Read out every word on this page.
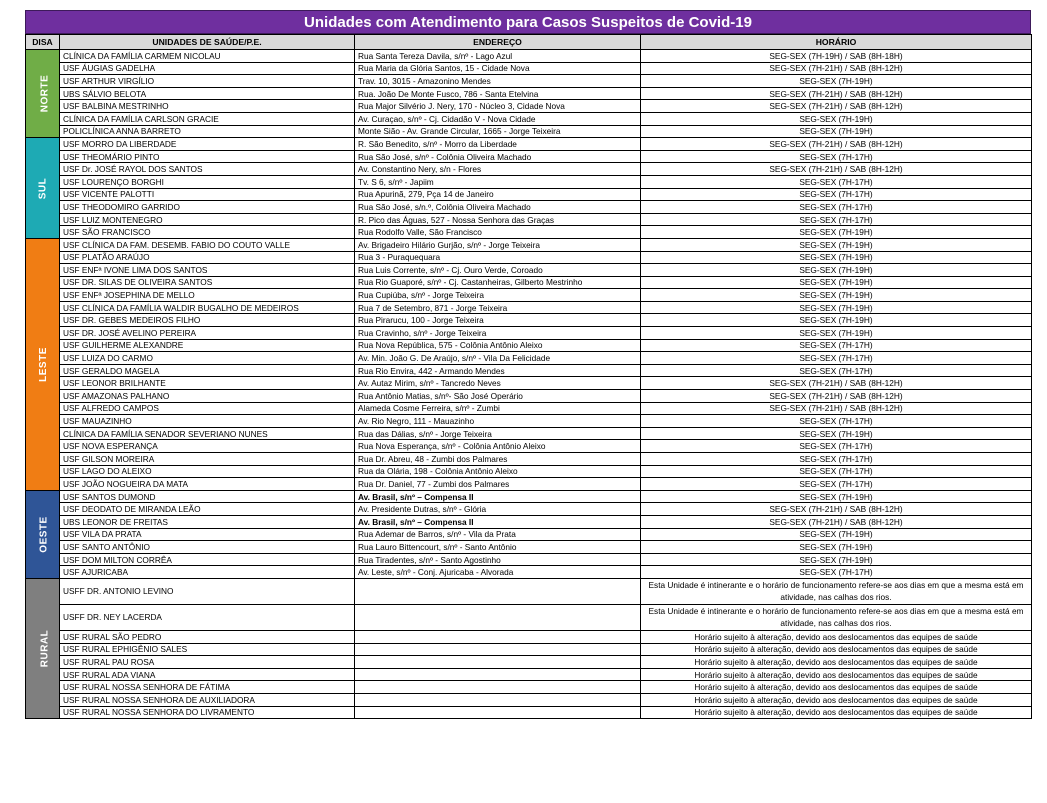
Unidades com Atendimento para Casos Suspeitos de Covid-19
DISA	UNIDADES DE SAÚDE/P.E.	ENDEREÇO	HORÁRIO
NORTE	CLÍNICA DA FAMÍLIA CARMEM NICOLAU	Rua Santa Tereza Davila, s/nº - Lago Azul	SEG-SEX (7H-19H) / SAB (8H-18H)
	USF ÁUGIAS GADELHA	Rua Maria da Glória Santos, 15 - Cidade Nova	SEG-SEX (7H-21H) / SAB (8H-12H)
	USF ARTHUR VIRGÍLIO	Trav. 10, 3015 - Amazonino Mendes	SEG-SEX (7H-19H)
	UBS SÁLVIO BELOTA	Rua. João De Monte Fusco, 786 - Santa Etelvina	SEG-SEX (7H-21H) / SAB (8H-12H)
	USF BALBINA MESTRINHO	Rua Major Silvério J. Nery, 170 - Núcleo 3, Cidade Nova	SEG-SEX (7H-21H) / SAB (8H-12H)
	CLÍNICA DA FAMÍLIA CARLSON GRACIE	Av. Curaçao, s/nº - Cj. Cidadão V - Nova Cidade	SEG-SEX (7H-19H)
	POLICLÍNICA ANNA BARRETO	Monte Sião - Av. Grande Circular, 1665 - Jorge Teixeira	SEG-SEX (7H-19H)
SUL	USF MORRO DA LIBERDADE	R. São Benedito, s/nº - Morro da Liberdade	SEG-SEX (7H-21H) / SAB (8H-12H)
	USF THEOMÁRIO PINTO	Rua São José, s/nº - Colônia Oliveira Machado	SEG-SEX (7H-17H)
	USF Dr. JOSÉ RAYOL DOS SANTOS	Av. Constantino Nery, s/n - Flores	SEG-SEX (7H-21H) / SAB (8H-12H)
	USF LOURENÇO BORGHI	Tv. S 6, s/nº - Japiim	SEG-SEX (7H-17H)
	USF VICENTE PALOTTI	Rua Apurinã, 279, Pça 14 de Janeiro	SEG-SEX (7H-17H)
	USF THEODOMIRO GARRIDO	Rua São José, s/n.º, Colônia Oliveira Machado	SEG-SEX (7H-17H)
	USF LUIZ MONTENEGRO	R. Pico das Águas, 527 - Nossa Senhora das Graças	SEG-SEX (7H-17H)
	USF SÃO FRANCISCO	Rua Rodolfo Valle, São Francisco	SEG-SEX (7H-19H)
LESTE	USF CLÍNICA DA FAM. DESEMB. FABIO DO COUTO VALLE	Av. Brigadeiro Hilário Gurjão, s/nº - Jorge Teixeira	SEG-SEX (7H-19H)
	USF PLATÃO ARAÚJO	Rua 3 - Puraquequara	SEG-SEX (7H-19H)
	USF ENFª IVONE LIMA DOS SANTOS	Rua Luis Corrente, s/nº - Cj. Ouro Verde, Coroado	SEG-SEX (7H-19H)
	USF DR. SILAS DE OLIVEIRA SANTOS	Rua Rio Guaporé, s/nº - Cj. Castanheiras, Gilberto Mestrinho	SEG-SEX (7H-19H)
	USF ENFª JOSEPHINA DE MELLO	Rua Cupiúba, s/nº - Jorge Teixeira	SEG-SEX (7H-19H)
	USF CLÍNICA DA FAMÍLIA WALDIR BUGALHO DE MEDEIROS	Rua 7 de Setembro, 871 - Jorge Teixeira	SEG-SEX (7H-19H)
	USF DR. GEBES MEDEIROS FILHO	Rua Pirarucu, 100 - Jorge Teixeira	SEG-SEX (7H-19H)
	USF DR. JOSÉ AVELINO PEREIRA	Rua Cravinho, s/nº - Jorge Teixeira	SEG-SEX (7H-19H)
	USF GUILHERME ALEXANDRE	Rua Nova República, 575 - Colônia Antônio Aleixo	SEG-SEX (7H-17H)
	USF LUIZA DO CARMO	Av. Min. João G. De Araújo, s/nº - Vila Da Felicidade	SEG-SEX (7H-17H)
	USF GERALDO MAGELA	Rua Rio Envira, 442 - Armando Mendes	SEG-SEX (7H-17H)
	USF LEONOR BRILHANTE	Av. Autaz Mirim, s/nº - Tancredo Neves	SEG-SEX (7H-21H) / SAB (8H-12H)
	USF AMAZONAS PALHANO	Rua Antônio Matias, s/nº- São José Operário	SEG-SEX (7H-21H) / SAB (8H-12H)
	USF ALFREDO CAMPOS	Alameda Cosme Ferreira, s/nº - Zumbi	SEG-SEX (7H-21H) / SAB (8H-12H)
	USF MAUAZINHO	Av. Rio Negro, 111 - Mauazinho	SEG-SEX (7H-17H)
	CLÍNICA DA FAMÍLIA SENADOR SEVERIANO NUNES	Rua das Dálias, s/nº - Jorge Teixeira	SEG-SEX (7H-19H)
	USF NOVA ESPERANÇA	Rua Nova Esperança, s/nº - Colônia Antônio Aleixo	SEG-SEX (7H-17H)
	USF GILSON MOREIRA	Rua Dr. Abreu, 48 - Zumbi dos Palmares	SEG-SEX (7H-17H)
	USF LAGO DO ALEIXO	Rua da Olária, 198 - Colônia Antônio Aleixo	SEG-SEX (7H-17H)
	USF JOÃO NOGUEIRA DA MATA	Rua Dr. Daniel, 77 - Zumbi dos Palmares	SEG-SEX (7H-17H)
OESTE	USF SANTOS DUMOND	Av. Brasil, s/nº – Compensa II	SEG-SEX (7H-19H)
	USF DEODATO DE MIRANDA LEÃO	Av. Presidente Dutras, s/nº - Glória	SEG-SEX (7H-21H) / SAB (8H-12H)
	UBS LEONOR DE FREITAS	Av. Brasil, s/nº – Compensa II	SEG-SEX (7H-21H) / SAB (8H-12H)
	USF VILA DA PRATA	Rua Ademar de Barros, s/nº - Vila da Prata	SEG-SEX (7H-19H)
	USF SANTO ANTÔNIO	Rua Lauro Bittencourt, s/nº - Santo Antônio	SEG-SEX (7H-19H)
	USF DOM MILTON CORRÊA	Rua Tiradentes, s/nº - Santo Agostinho	SEG-SEX (7H-19H)
	USF AJURICABA	Av. Leste, s/nº - Conj. Ajuricaba - Alvorada	SEG-SEX (7H-17H)
RURAL	USFF DR. ANTONIO LEVINO		Esta Unidade é intinerante e o horário de funcionamento refere-se aos dias em que a mesma está em atividade, nas calhas dos rios.
	USFF DR. NEY LACERDA		Esta Unidade é intinerante e o horário de funcionamento refere-se aos dias em que a mesma está em atividade, nas calhas dos rios.
	USF RURAL SÃO PEDRO		Horário sujeito à alteração, devido aos deslocamentos das equipes de saúde
	USF RURAL EPHIGÊNIO SALES		Horário sujeito à alteração, devido aos deslocamentos das equipes de saúde
	USF RURAL PAU ROSA		Horário sujeito à alteração, devido aos deslocamentos das equipes de saúde
	USF RURAL ADA VIANA		Horário sujeito à alteração, devido aos deslocamentos das equipes de saúde
	USF RURAL NOSSA SENHORA DE FÁTIMA		Horário sujeito à alteração, devido aos deslocamentos das equipes de saúde
	USF RURAL NOSSA SENHORA DE AUXILIADORA		Horário sujeito à alteração, devido aos deslocamentos das equipes de saúde
	USF RURAL NOSSA SENHORA DO LIVRAMENTO		Horário sujeito à alteração, devido aos deslocamentos das equipes de saúde
